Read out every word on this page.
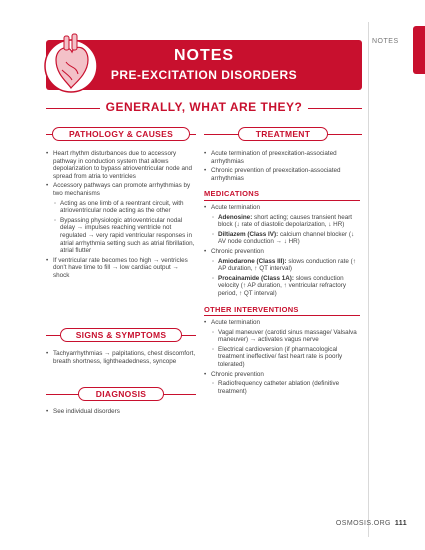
NOTES
NOTES
PRE-EXCITATION DISORDERS
GENERALLY, WHAT ARE THEY?
PATHOLOGY & CAUSES
• Heart rhythm disturbances due to accessory pathway in conduction system that allows depolarization to bypass atrioventricular node and spread from atria to ventricles
• Accessory pathways can promote arrhythmias by two mechanisms
◦ Acting as one limb of a reentrant circuit, with atrioventricular node acting as the other
◦ Bypassing physiologic atrioventricular nodal delay → impulses reaching ventricle not regulated → very rapid ventricular responses in atrial arrhythmia setting such as atrial fibrillation, atrial flutter
• If ventricular rate becomes too high → ventricles don't have time to fill → low cardiac output → shock
SIGNS & SYMPTOMS
• Tachyarrhythmias → palpitations, chest discomfort, breath shortness, lightheadedness, syncope
DIAGNOSIS
• See individual disorders
TREATMENT
• Acute termination of preexcitation-associated arrhythmias
• Chronic prevention of preexcitation-associated arrhythmias
MEDICATIONS
• Acute termination
◦ Adenosine: short acting; causes transient heart block (↓ rate of diastolic depolarization, ↓ HR)
◦ Diltiazem (Class IV): calcium channel blocker (↓ AV node conduction → ↓ HR)
• Chronic prevention
◦ Amiodarone (Class III): slows conduction rate (↑ AP duration, ↑ QT interval)
◦ Procainamide (Class 1A): slows conduction velocity (↑ AP duration, ↑ ventricular refractory period, ↑ QT interval)
OTHER INTERVENTIONS
• Acute termination
◦ Vagal maneuver (carotid sinus massage/ Valsalva maneuver) → activates vagus nerve
◦ Electrical cardioversion (if pharmacological treatment ineffective/ fast heart rate is poorly tolerated)
• Chronic prevention
◦ Radiofrequency catheter ablation (definitive treatment)
OSMOSIS.ORG 111
